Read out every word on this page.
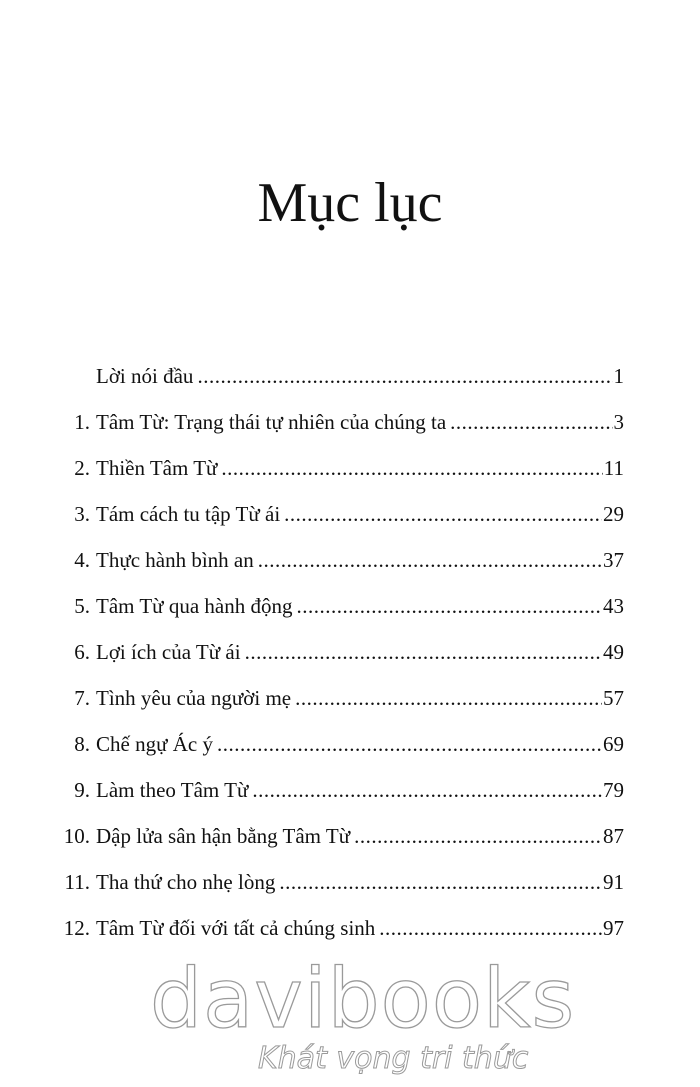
Mục lục
Lời nói đầu .....	1
1. Tâm Từ: Trạng thái tự nhiên của chúng ta .....	3
2. Thiền Tâm Từ .....	11
3. Tám cách tu tập Từ ái .....	29
4. Thực hành bình an .....	37
5. Tâm Từ qua hành động .....	43
6. Lợi ích của Từ ái .....	49
7. Tình yêu của người mẹ .....	57
8. Chế ngự Ác ý .....	69
9. Làm theo Tâm Từ .....	79
10. Dập lửa sân hận bằng Tâm Từ .....	87
11. Tha thứ cho nhẹ lòng .....	91
12. Tâm Từ đối với tất cả chúng sinh .....	97
davibooks
Khát vọng tri thức
